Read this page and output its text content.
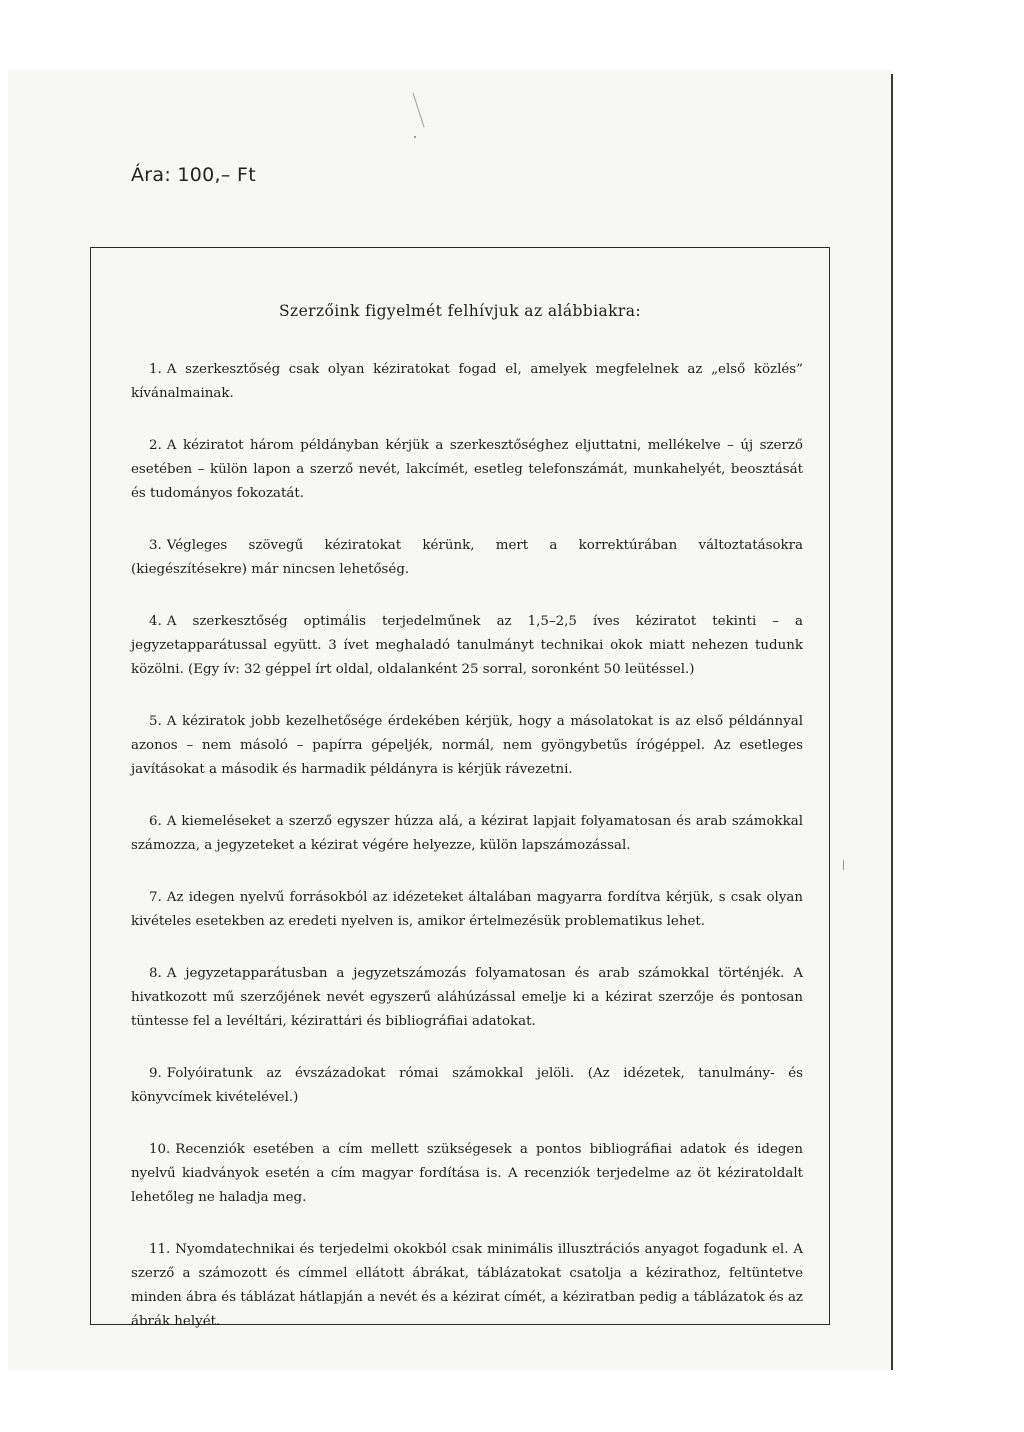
Ára: 100,– Ft
Szerzőink figyelmét felhívjuk az alábbiakra:

1. A szerkesztőség csak olyan kéziratokat fogad el, amelyek megfelelnek az „első közlés” kívánalmainak.

2. A kéziratot három példányban kérjük a szerkesztőséghez eljuttatni, mellékelve – új szerző esetében – külön lapon a szerző nevét, lakcímét, esetleg telefonszámát, munkahelyét, beosztását és tudományos fokozatát.

3. Végleges szövegű kéziratokat kérünk, mert a korrektúrában változtatásokra (kiegészítésekre) már nincsen lehetőség.

4. A szerkesztőség optimális terjedelműnek az 1,5–2,5 íves kéziratot tekinti – a jegyzetapparátussal együtt. 3 ívet meghaladó tanulmányt technikai okok miatt nehezen tudunk közölni. (Egy ív: 32 géppel írt oldal, oldalanként 25 sorral, soronként 50 leütéssel.)

5. A kéziratok jobb kezelhetősége érdekében kérjük, hogy a másolatokat is az első példánnyal azonos – nem másoló – papírra gépeljék, normál, nem gyöngybetűs írógéppel. Az esetleges javításokat a második és harmadik példányra is kérjük rávezetni.

6. A kiemeléseket a szerző egyszer húzza alá, a kézirat lapjait folyamatosan és arab számokkal számozza, a jegyzeteket a kézirat végére helyezze, külön lapszámozással.

7. Az idegen nyelvű forrásokból az idézeteket általában magyarra fordítva kérjük, s csak olyan kivételes esetekben az eredeti nyelven is, amikor értelmezésük problematikus lehet.

8. A jegyzetapparátusban a jegyzetszámozás folyamatosan és arab számokkal történjék. A hivatkozott mű szerzőjének nevét egyszerű aláhúzással emelje ki a kézirat szerzője és pontosan tüntesse fel a levéltári, kézirattári és bibliográfiai adatokat.

9. Folyóiratunk az évszázadokat római számokkal jelöli. (Az idézetek, tanulmány- és könyvcímek kivételével.)

10. Recenziók esetében a cím mellett szükségesek a pontos bibliográfiai adatok és idegen nyelvű kiadványok esetén a cím magyar fordítása is. A recenziók terjedelme az öt kéziratoldalt lehetőleg ne haladja meg.

11. Nyomdatechnikai és terjedelmi okokból csak minimális illusztrációs anyagot fogadunk el. A szerző a számozott és címmel ellátott ábrákat, táblázatokat csatolja a kézirathoz, feltüntetve minden ábra és táblázat hátlapján a nevét és a kézirat címét, a kéziratban pedig a táblázatok és az ábrák helyét.
